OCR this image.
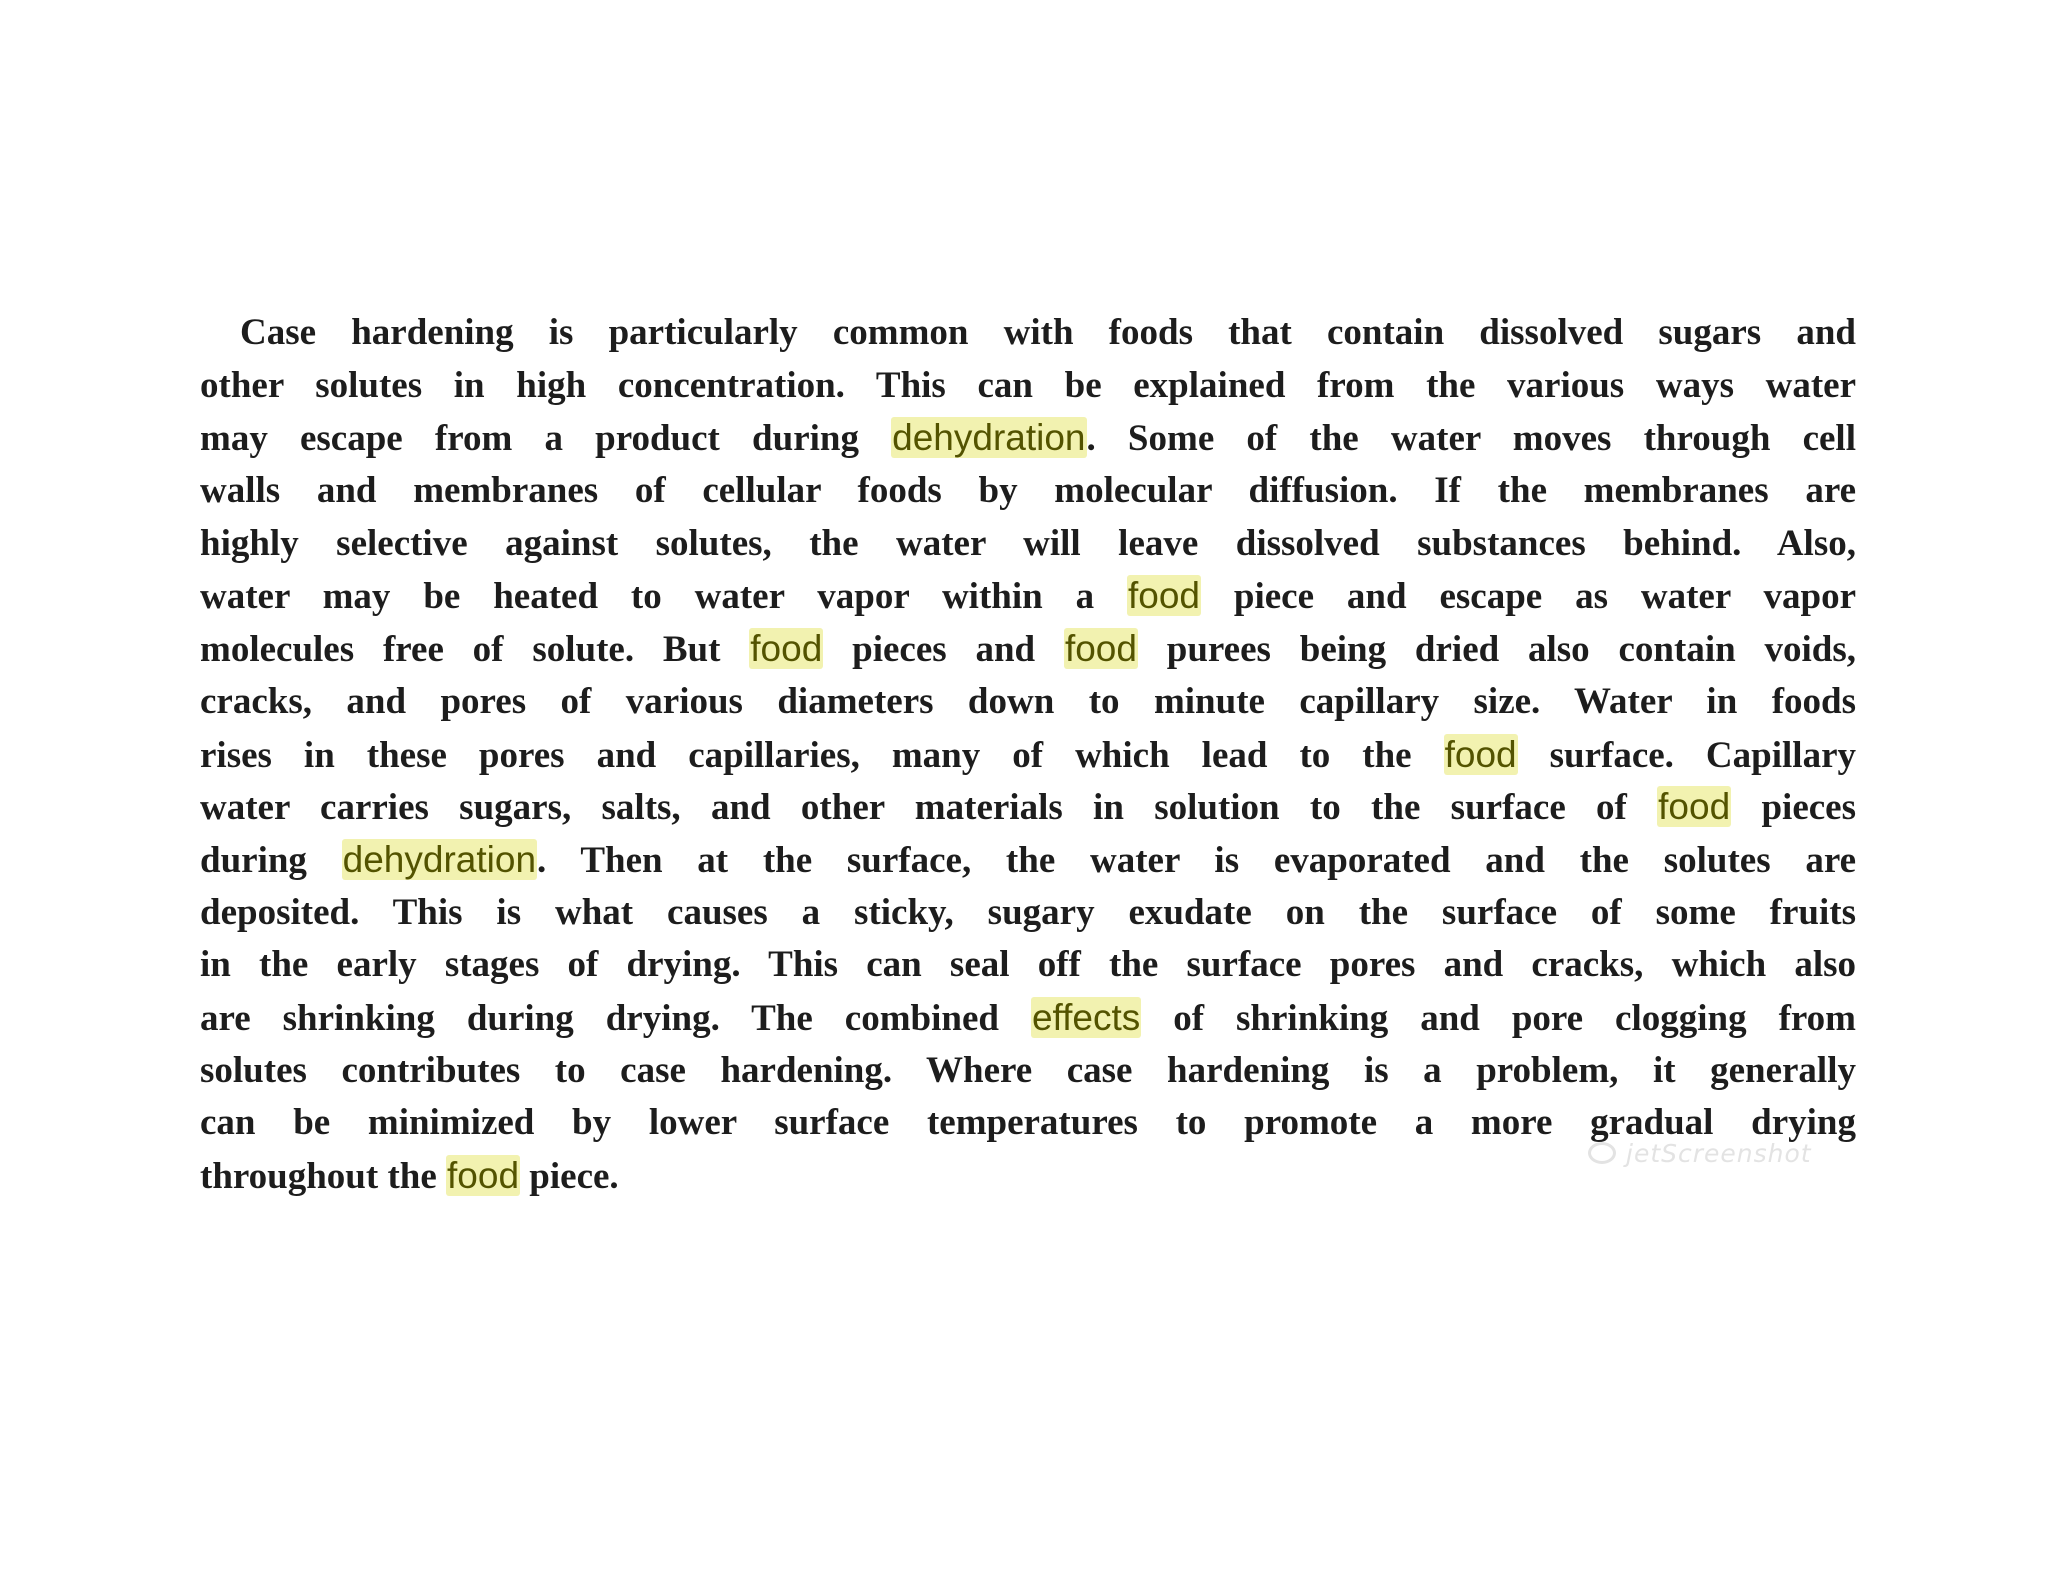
Case hardening is particularly common with foods that contain dissolved sugars and
other solutes in high concentration. This can be explained from the various ways water
may escape from a product during dehydration. Some of the water moves through cell
walls and membranes of cellular foods by molecular diffusion. If the membranes are
highly selective against solutes, the water will leave dissolved substances behind. Also,
water may be heated to water vapor within a food piece and escape as water vapor
molecules free of solute. But food pieces and food purees being dried also contain voids,
cracks, and pores of various diameters down to minute capillary size. Water in foods
rises in these pores and capillaries, many of which lead to the food surface. Capillary
water carries sugars, salts, and other materials in solution to the surface of food pieces
during dehydration. Then at the surface, the water is evaporated and the solutes are
deposited. This is what causes a sticky, sugary exudate on the surface of some fruits
in the early stages of drying. This can seal off the surface pores and cracks, which also
are shrinking during drying. The combined effects of shrinking and pore clogging from
solutes contributes to case hardening. Where case hardening is a problem, it generally
can be minimized by lower surface temperatures to promote a more gradual drying
throughout the food piece.
jetScreenshot
